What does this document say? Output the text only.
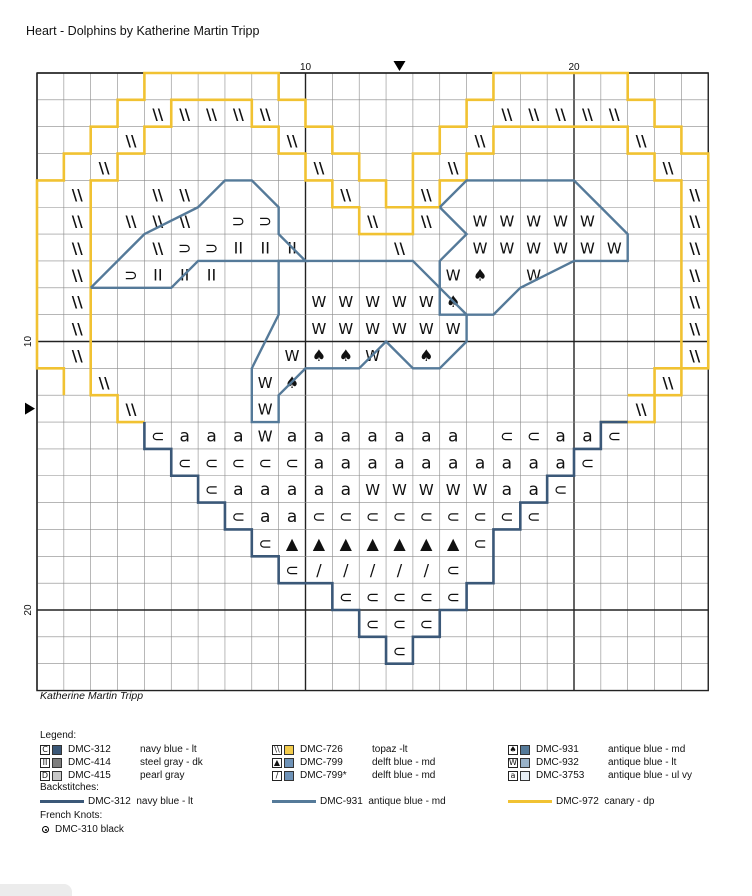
Heart - Dolphins by Katherine Martin Tripp
\\ \\ \\ \\ \\
\\	\\
\\	\\
\\	\\
\\	\\
\\	\\
\\
\\
\\
\\
\\
\\
\\ \\ \\ \\ \\
\\	\\
\\	\\
\\	\\
\\	\\
\\
\\
\\
\\
\\
\\
\\
\\ \\
\\ \\ \\	⊃ ⊃
\\ ⊃ ⊃ II II II
⊃ II II II
W W W W W
W W W W W W
W ♠	W
♠
W W W W W
W W W W W W
W ♠ ♠ W ♠
W ♠
W
⊂ a a a W a a a a a a a	⊂ ⊂ a a ⊂
⊂ ⊂ ⊂ ⊂ ⊂ a a a a a a a a a a ⊂
⊂ a a a a a W W W W W a a ⊂
⊂ a a ⊂ ⊂ ⊂ ⊂ ⊂ ⊂ ⊂ ⊂ ⊂
⊂ ▲ ▲ ▲ ▲ ▲ ▲ ▲ ⊂
⊂ / / / / / ⊂
⊂ ⊂ ⊂ ⊂ ⊂
⊂ ⊂ ⊂
⊂
10	20
10
20
Katherine Martin Tripp
Legend:
C DMC-312	navy blue - lt
II DMC-414	steel gray - dk
D DMC-415	pearl gray
\\ DMC-726	topaz -lt
▲ DMC-799	delft blue - md
/	DMC-799*	delft blue - md
♠ DMC-931	antique blue - md
W DMC-932	antique blue - lt
a DMC-3753	antique blue - ul vy
Backstitches:
DMC-312 navy blue - lt	DMC-931 antique blue - md	DMC-972 canary - dp
French Knots:
DMC-310
black
